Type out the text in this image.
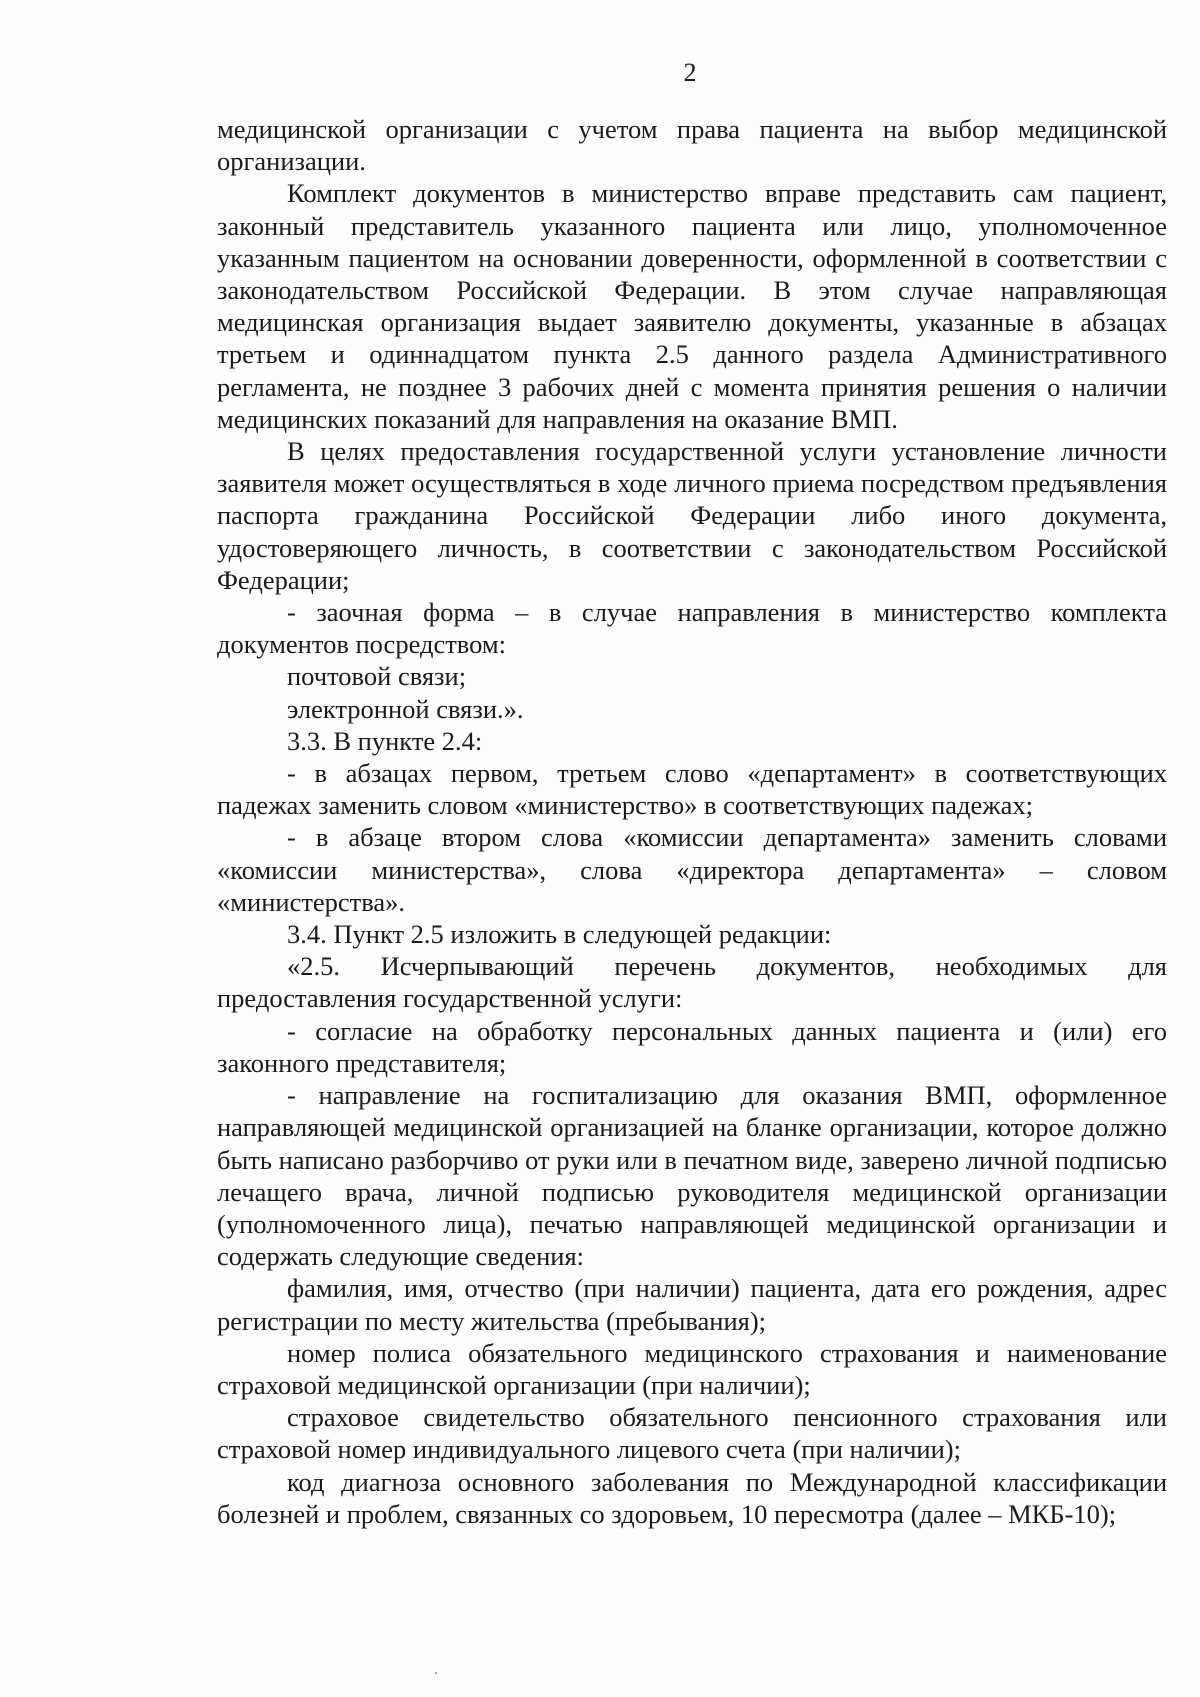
2

медицинской организации с учетом права пациента на выбор медицинской организации.

Комплект документов в министерство вправе представить сам пациент, законный представитель указанного пациента или лицо, уполномоченное указанным пациентом на основании доверенности, оформленной в соответствии с законодательством Российской Федерации. В этом случае направляющая медицинская организация выдает заявителю документы, указанные в абзацах третьем и одиннадцатом пункта 2.5 данного раздела Административного регламента, не позднее 3 рабочих дней с момента принятия решения о наличии медицинских показаний для направления на оказание ВМП.

В целях предоставления государственной услуги установление личности заявителя может осуществляться в ходе личного приема посредством предъявления паспорта гражданина Российской Федерации либо иного документа, удостоверяющего личность, в соответствии с законодательством Российской Федерации;

- заочная форма – в случае направления в министерство комплекта документов посредством:

почтовой связи;

электронной связи.».

3.3. В пункте 2.4:

- в абзацах первом, третьем слово «департамент» в соответствующих падежах заменить словом «министерство» в соответствующих падежах;

- в абзаце втором слова «комиссии департамента» заменить словами «комиссии министерства», слова «директора департамента» – словом «министерства».

3.4. Пункт 2.5 изложить в следующей редакции:

«2.5. Исчерпывающий перечень документов, необходимых для предоставления государственной услуги:

- согласие на обработку персональных данных пациента и (или) его законного представителя;

- направление на госпитализацию для оказания ВМП, оформленное направляющей медицинской организацией на бланке организации, которое должно быть написано разборчиво от руки или в печатном виде, заверено личной подписью лечащего врача, личной подписью руководителя медицинской организации (уполномоченного лица), печатью направляющей медицинской организации и содержать следующие сведения:

фамилия, имя, отчество (при наличии) пациента, дата его рождения, адрес регистрации по месту жительства (пребывания);

номер полиса обязательного медицинского страхования и наименование страховой медицинской организации (при наличии);

страховое свидетельство обязательного пенсионного страхования или страховой номер индивидуального лицевого счета (при наличии);

код диагноза основного заболевания по Международной классификации болезней и проблем, связанных со здоровьем, 10 пересмотра (далее – МКБ-10);
